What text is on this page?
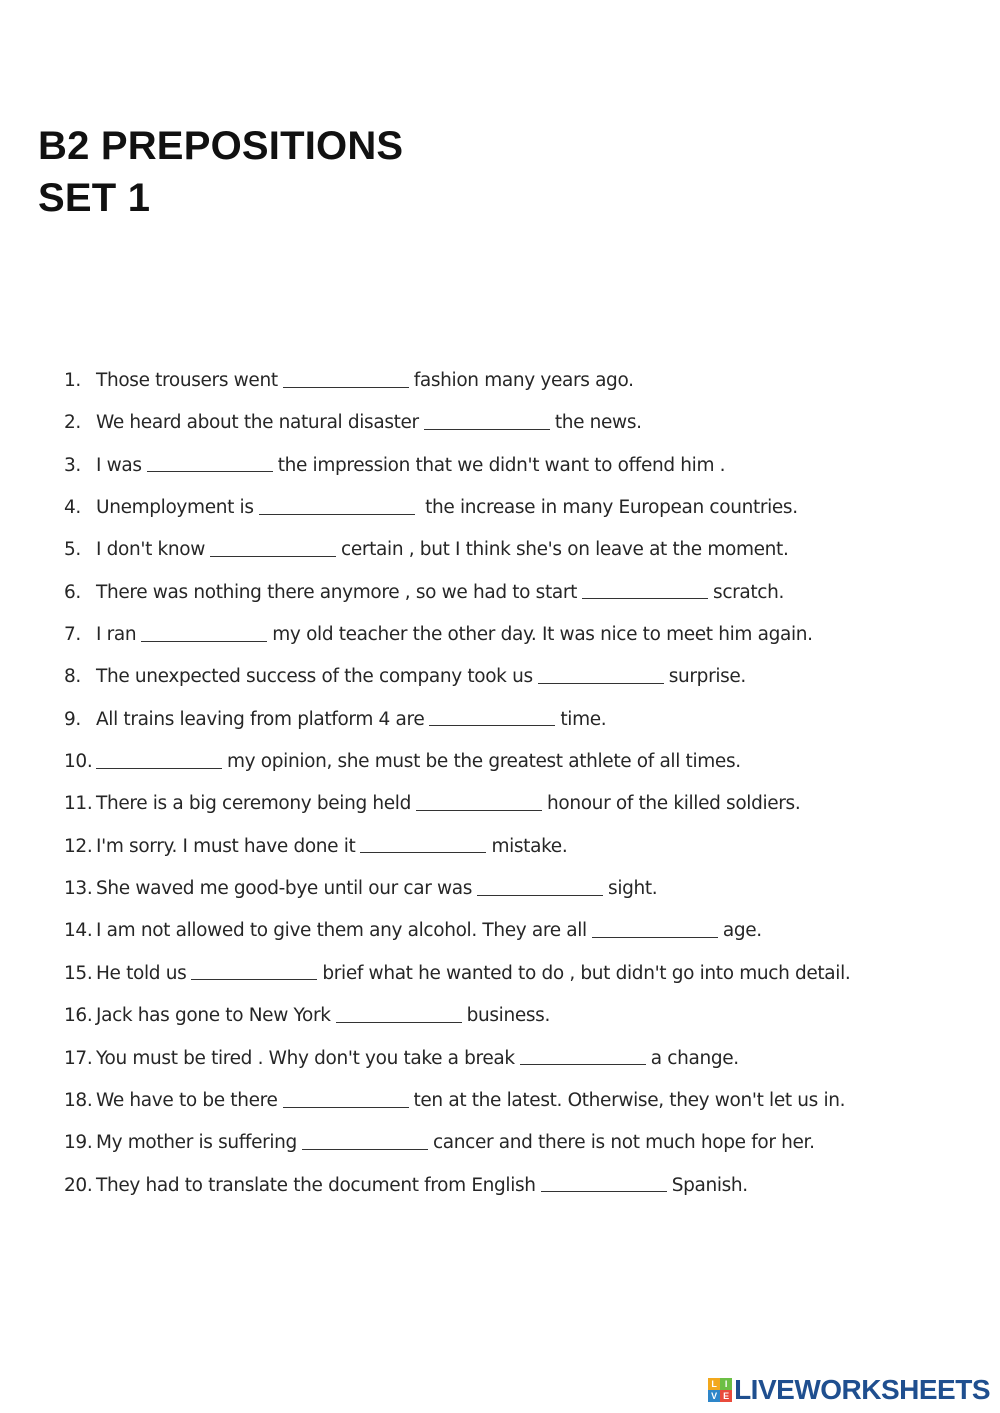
B2 PREPOSITIONS
SET 1
1. Those trousers went	fashion many years ago.
2. We heard about the natural disaster	the news.
3. I was	the impression that we didn't want to offend him .
4. Unemployment is	the increase in many European countries.
5. I don't know	certain , but I think she's on leave at the moment.
6. There was nothing there anymore , so we had to start	scratch.
7. I ran	my old teacher the other day. It was nice to meet him again.
8. The unexpected success of the company took us	surprise.
9. All trains leaving from platform 4 are	time.
10.	my opinion, she must be the greatest athlete of all times.
11. There is a big ceremony being held	honour of the killed soldiers.
12. I'm sorry. I must have done it	mistake.
13. She waved me good-bye until our car was	sight.
14. I am not allowed to give them any alcohol. They are all	age.
15. He told us	brief what he wanted to do , but didn't go into much detail.
16. Jack has gone to New York	business.
17. You must be tired . Why don't you take a break	a change.
18. We have to be there	ten at the latest. Otherwise, they won't let us in.
19. My mother is suffering	cancer and there is not much hope for her.
20. They had to translate the document from English	Spanish.
L I
V E LIVEWORKSHEETS
